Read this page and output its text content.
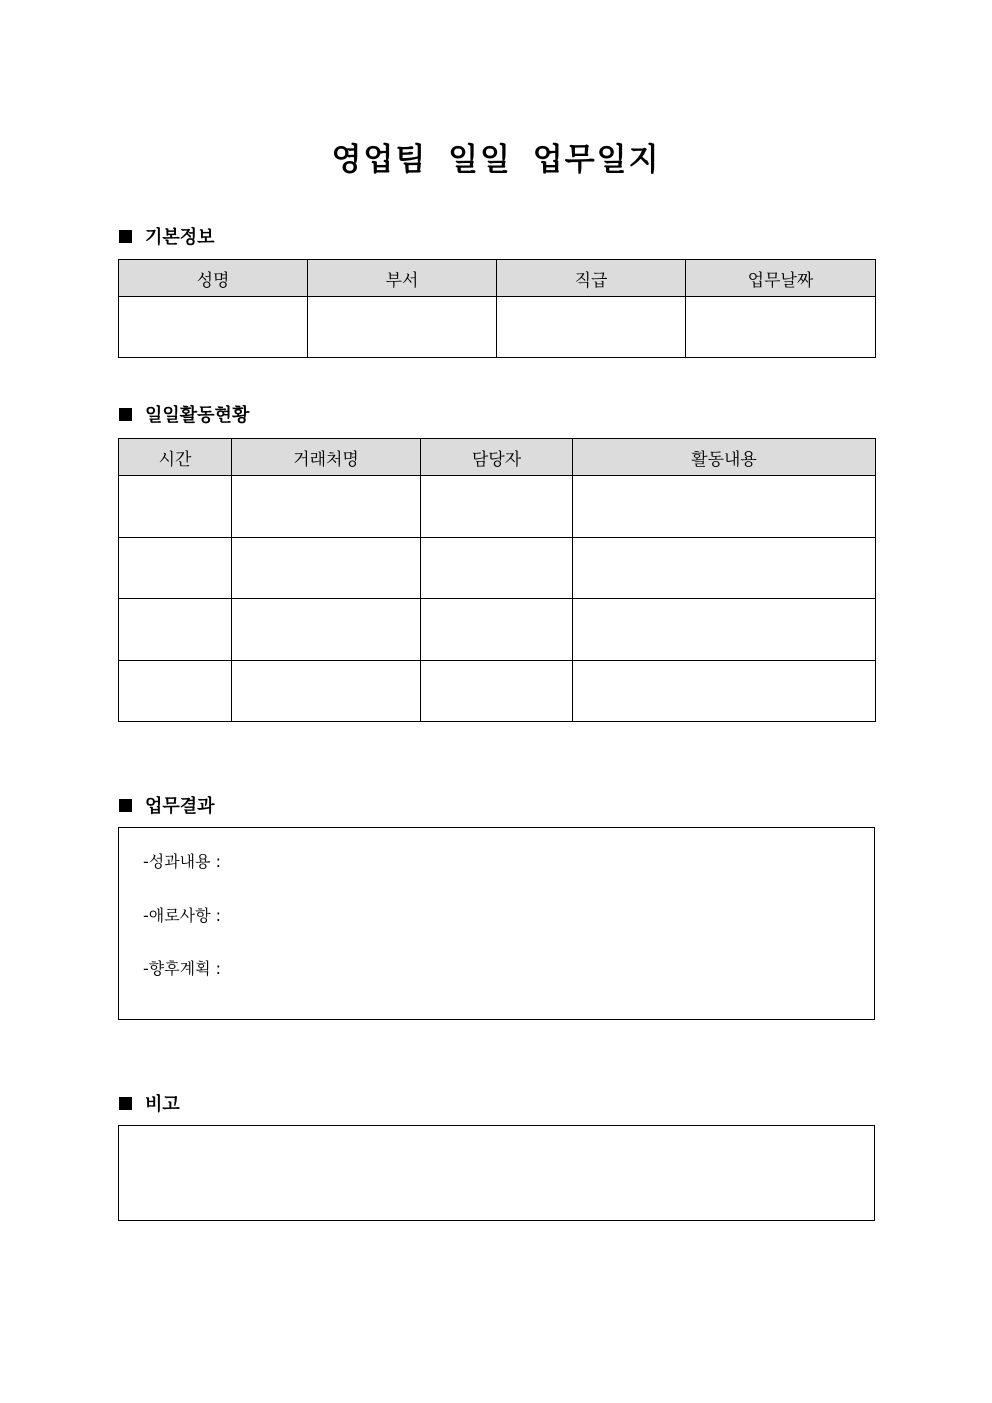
영업팀 일일 업무일지
기본정보
성명	부서	직급	업무날짜

일일활동현황
시간	거래처명	담당자	활동내용

업무결과
-성과내용 :
-애로사항 :
-향후계획 :
비고
